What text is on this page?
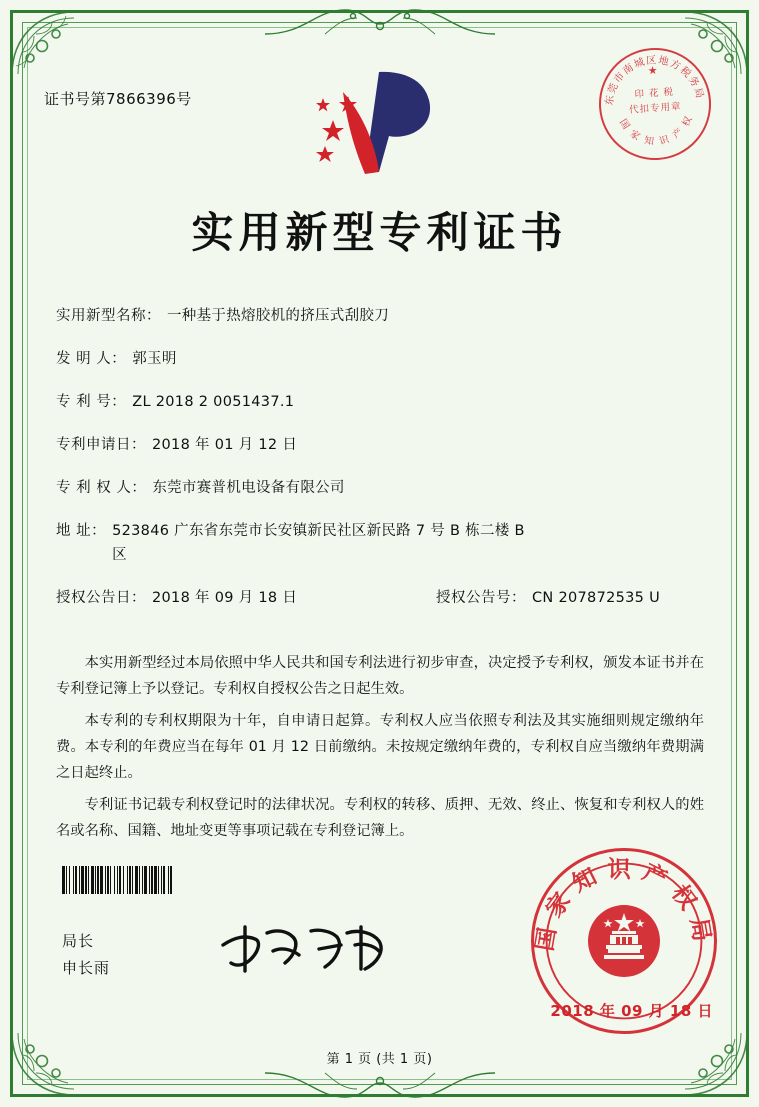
证书号第7866396号	东莞市南城区地方税务局
国 家 知 识 产 权
★
印 花 税
代扣专用章
实用新型专利证书
实用新型名称： 一种基于热熔胶机的挤压式刮胶刀
发 明 人： 郭玉明
专 利 号： ZL 2018 2 0051437.1
专利申请日： 2018 年 01 月 12 日
专 利 权 人： 东莞市赛普机电设备有限公司
地 址： 523846 广东省东莞市长安镇新民社区新民路 7 号 B 栋二楼 B
区
授权公告日： 2018 年 09 月 18 日	授权公告号： CN 207872535 U

本实用新型经过本局依照中华人民共和国专利法进行初步审查，决定授予专利权，颁发本证书并在专利登记簿上予以登记。专利权自授权公告之日起生效。

本专利的专利权期限为十年，自申请日起算。专利权人应当依照专利法及其实施细则规定缴纳年费。本专利的年费应当在每年 01 月 12 日前缴纳。未按规定缴纳年费的，专利权自应当缴纳年费期满之日起终止。

专利证书记载专利权登记时的法律状况。专利权的转移、质押、无效、终止、恢复和专利权人的姓名或名称、国籍、地址变更等事项记载在专利登记簿上。

局长
申长雨
国家知识产权局
2018 年 09 月 18 日
第 1 页 (共 1 页)
